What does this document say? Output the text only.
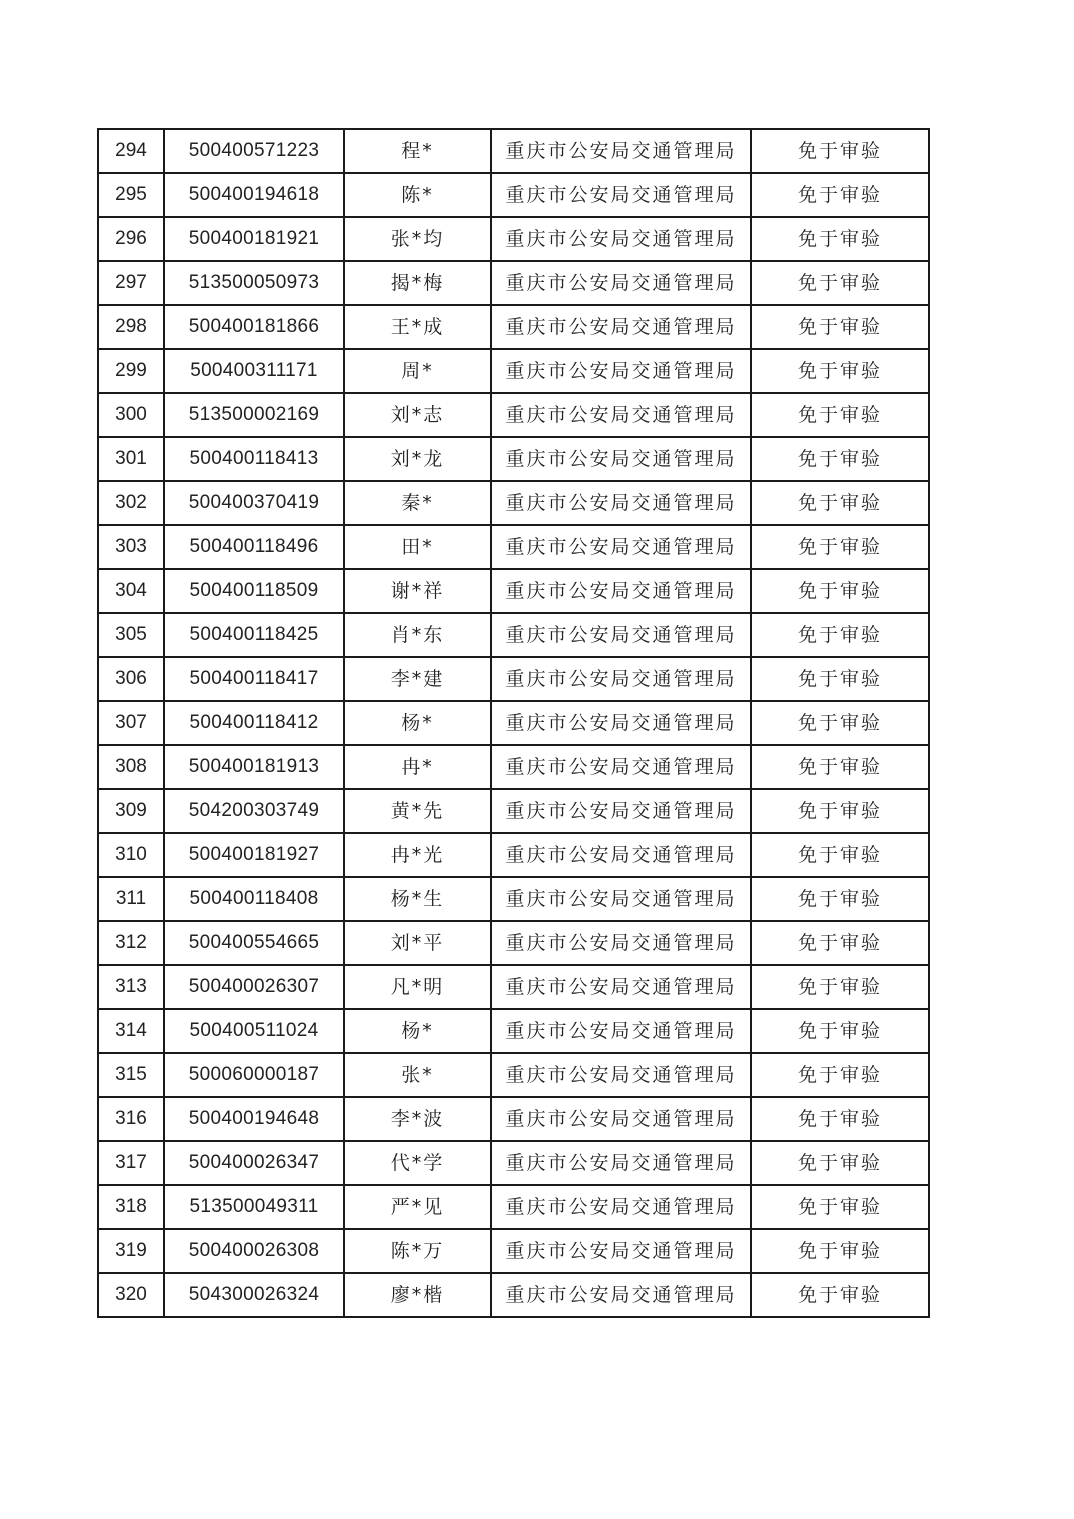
294	500400571223	程*	重庆市公安局交通管理局	免于审验
295	500400194618	陈*	重庆市公安局交通管理局	免于审验
296	500400181921	张*均	重庆市公安局交通管理局	免于审验
297	513500050973	揭*梅	重庆市公安局交通管理局	免于审验
298	500400181866	王*成	重庆市公安局交通管理局	免于审验
299	500400311171	周*	重庆市公安局交通管理局	免于审验
300	513500002169	刘*志	重庆市公安局交通管理局	免于审验
301	500400118413	刘*龙	重庆市公安局交通管理局	免于审验
302	500400370419	秦*	重庆市公安局交通管理局	免于审验
303	500400118496	田*	重庆市公安局交通管理局	免于审验
304	500400118509	谢*祥	重庆市公安局交通管理局	免于审验
305	500400118425	肖*东	重庆市公安局交通管理局	免于审验
306	500400118417	李*建	重庆市公安局交通管理局	免于审验
307	500400118412	杨*	重庆市公安局交通管理局	免于审验
308	500400181913	冉*	重庆市公安局交通管理局	免于审验
309	504200303749	黄*先	重庆市公安局交通管理局	免于审验
310	500400181927	冉*光	重庆市公安局交通管理局	免于审验
311	500400118408	杨*生	重庆市公安局交通管理局	免于审验
312	500400554665	刘*平	重庆市公安局交通管理局	免于审验
313	500400026307	凡*明	重庆市公安局交通管理局	免于审验
314	500400511024	杨*	重庆市公安局交通管理局	免于审验
315	500060000187	张*	重庆市公安局交通管理局	免于审验
316	500400194648	李*波	重庆市公安局交通管理局	免于审验
317	500400026347	代*学	重庆市公安局交通管理局	免于审验
318	513500049311	严*见	重庆市公安局交通管理局	免于审验
319	500400026308	陈*万	重庆市公安局交通管理局	免于审验
320	504300026324	廖*楷	重庆市公安局交通管理局	免于审验
